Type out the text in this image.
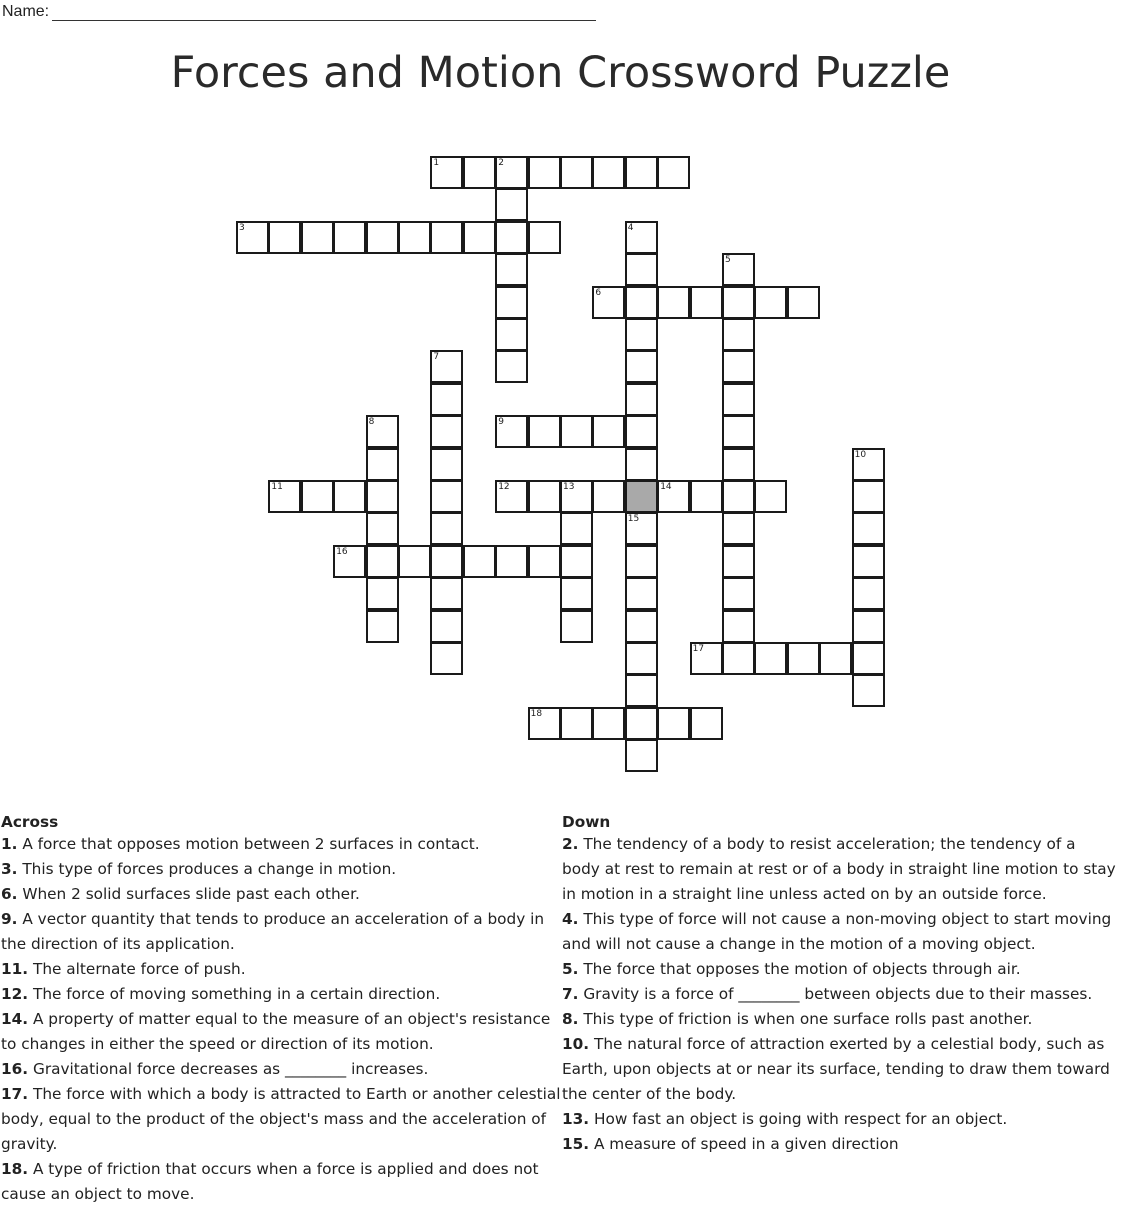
Name:
Forces and Motion Crossword Puzzle
1	2
3	4
5
6
7
8	9
10
11	12	13	14
15
16
17
18
Across

1. A force that opposes motion between 2 surfaces in contact.

3. This type of forces produces a change in motion.

6. When 2 solid surfaces slide past each other.

9. A vector quantity that tends to produce an acceleration of a body in the direction of its application.

11. The alternate force of push.

12. The force of moving something in a certain direction.

14. A property of matter equal to the measure of an object's resistance to changes in either the speed or direction of its motion.

16. Gravitational force decreases as ________ increases.

17. The force with which a body is attracted to Earth or another celestial body, equal to the product of the object's mass and the acceleration of gravity.

18. A type of friction that occurs when a force is applied and does not cause an object to move.

Down

2. The tendency of a body to resist acceleration; the tendency of a body at rest to remain at rest or of a body in straight line motion to stay in motion in a straight line unless acted on by an outside force.

4. This type of force will not cause a non-moving object to start moving and will not cause a change in the motion of a moving object.

5. The force that opposes the motion of objects through air.

7. Gravity is a force of ________ between objects due to their masses.

8. This type of friction is when one surface rolls past another.

10. The natural force of attraction exerted by a celestial body, such as Earth, upon objects at or near its surface, tending to draw them toward the center of the body.

13. How fast an object is going with respect for an object.

15. A measure of speed in a given direction
